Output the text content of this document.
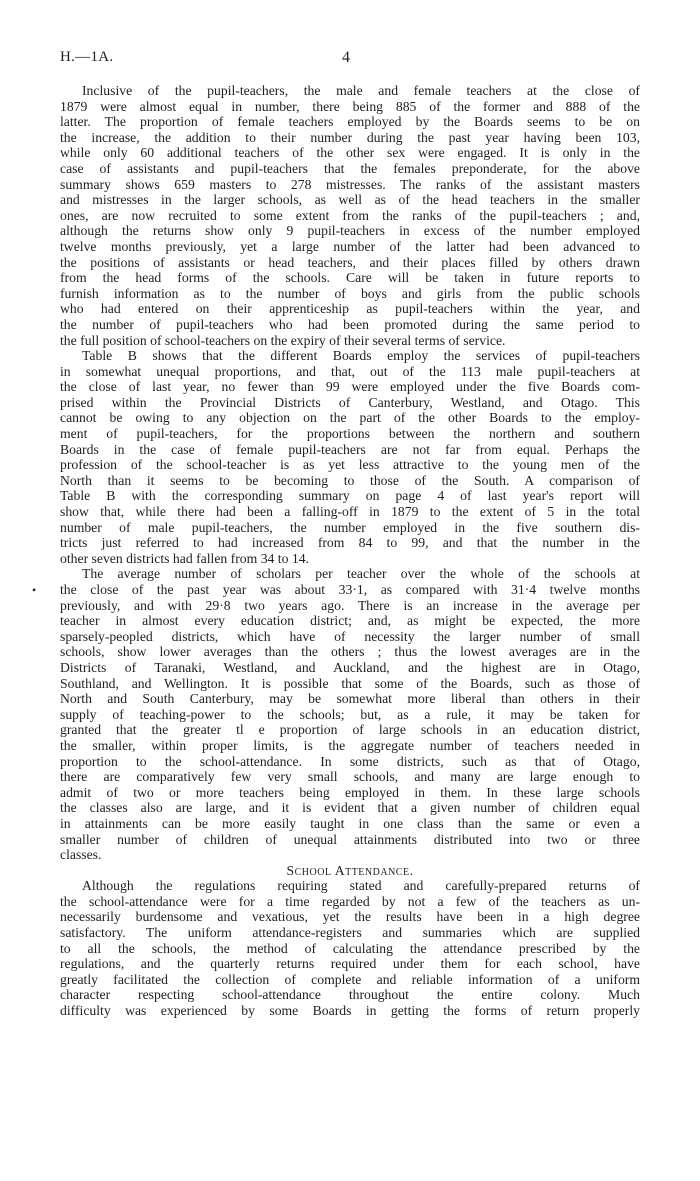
H.—1A.	4
•
Inclusive of the pupil-teachers, the male and female teachers at the close of
1879 were almost equal in number, there being 885 of the former and 888 of the
latter. The proportion of female teachers employed by the Boards seems to be on
the increase, the addition to their number during the past year having been 103,
while only 60 additional teachers of the other sex were engaged. It is only in the
case of assistants and pupil-teachers that the females preponderate, for the above
summary shows 659 masters to 278 mistresses. The ranks of the assistant masters
and mistresses in the larger schools, as well as of the head teachers in the smaller
ones, are now recruited to some extent from the ranks of the pupil-teachers ; and,
although the returns show only 9 pupil-teachers in excess of the number employed
twelve months previously, yet a large number of the latter had been advanced to
the positions of assistants or head teachers, and their places filled by others drawn
from the head forms of the schools. Care will be taken in future reports to
furnish information as to the number of boys and girls from the public schools
who had entered on their apprenticeship as pupil-teachers within the year, and
the number of pupil-teachers who had been promoted during the same period to
the full position of school-teachers on the expiry of their several terms of service.
Table B shows that the different Boards employ the services of pupil-teachers
in somewhat unequal proportions, and that, out of the 113 male pupil-teachers at
the close of last year, no fewer than 99 were employed under the five Boards com-
prised within the Provincial Districts of Canterbury, Westland, and Otago. This
cannot be owing to any objection on the part of the other Boards to the employ-
ment of pupil-teachers, for the proportions between the northern and southern
Boards in the case of female pupil-teachers are not far from equal. Perhaps the
profession of the school-teacher is as yet less attractive to the young men of the
North than it seems to be becoming to those of the South. A comparison of
Table B with the corresponding summary on page 4 of last year's report will
show that, while there had been a falling-off in 1879 to the extent of 5 in the total
number of male pupil-teachers, the number employed in the five southern dis-
tricts just referred to had increased from 84 to 99, and that the number in the
other seven districts had fallen from 34 to 14.
The average number of scholars per teacher over the whole of the schools at
the close of the past year was about 33·1, as compared with 31·4 twelve months
previously, and with 29·8 two years ago. There is an increase in the average per
teacher in almost every education district; and, as might be expected, the more
sparsely-peopled districts, which have of necessity the larger number of small
schools, show lower averages than the others ; thus the lowest averages are in the
Districts of Taranaki, Westland, and Auckland, and the highest are in Otago,
Southland, and Wellington. It is possible that some of the Boards, such as those of
North and South Canterbury, may be somewhat more liberal than others in their
supply of teaching-power to the schools; but, as a rule, it may be taken for
granted that the greater tl e proportion of large schools in an education district,
the smaller, within proper limits, is the aggregate number of teachers needed in
proportion to the school-attendance. In some districts, such as that of Otago,
there are comparatively few very small schools, and many are large enough to
admit of two or more teachers being employed in them. In these large schools
the classes also are large, and it is evident that a given number of children equal
in attainments can be more easily taught in one class than the same or even a
smaller number of children of unequal attainments distributed into two or three
classes.
School Attendance.
Although the regulations requiring stated and carefully-prepared returns of
the school-attendance were for a time regarded by not a few of the teachers as un-
necessarily burdensome and vexatious, yet the results have been in a high degree
satisfactory. The uniform attendance-registers and summaries which are supplied
to all the schools, the method of calculating the attendance prescribed by the
regulations, and the quarterly returns required under them for each school, have
greatly facilitated the collection of complete and reliable information of a uniform
character respecting school-attendance throughout the entire colony. Much
difficulty was experienced by some Boards in getting the forms of return properly
